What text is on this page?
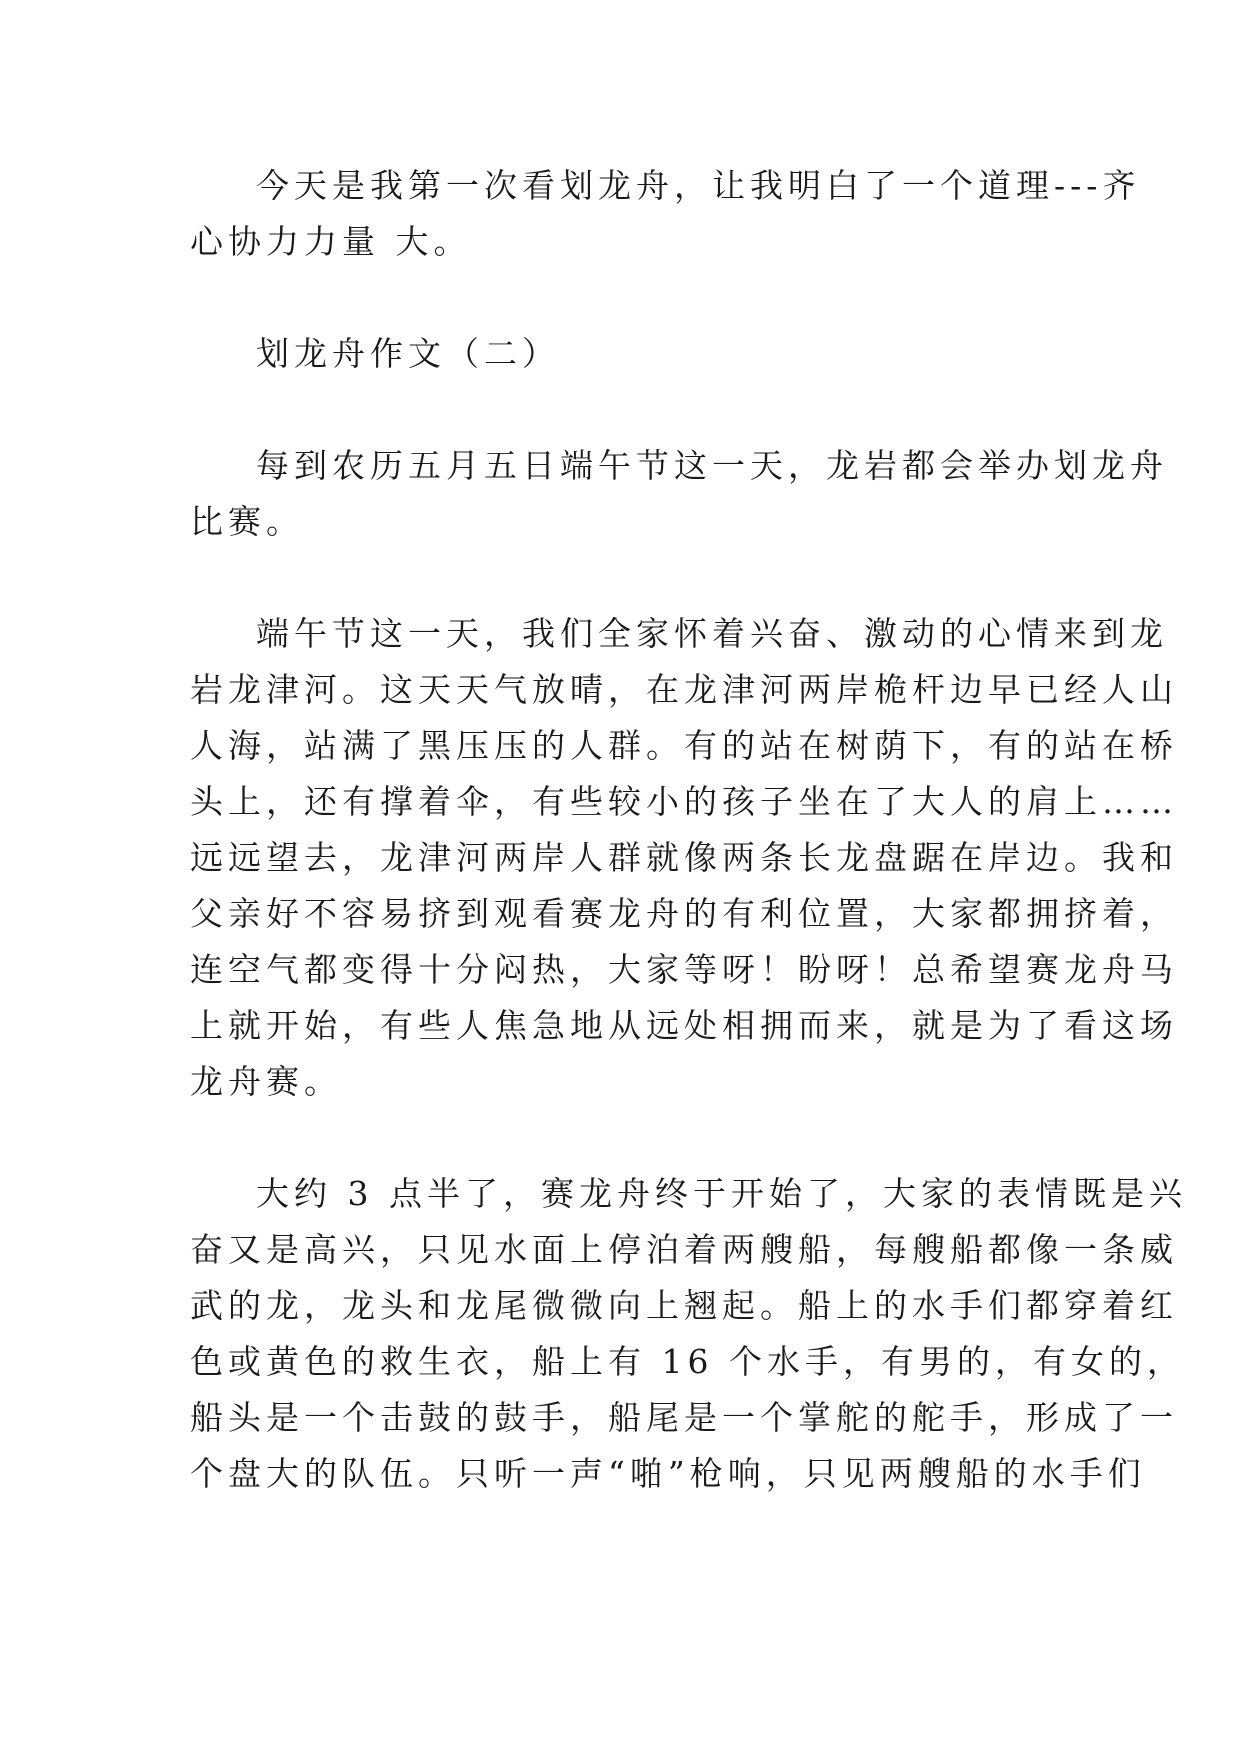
今天是我第一次看划龙舟，让我明白了一个道理---齐
心协力力量 大。

划龙舟作文（二）

每到农历五月五日端午节这一天，龙岩都会举办划龙舟
比赛。

端午节这一天，我们全家怀着兴奋、激动的心情来到龙
岩龙津河。这天天气放晴，在龙津河两岸桅杆边早已经人山
人海，站满了黑压压的人群。有的站在树荫下，有的站在桥
头上，还有撑着伞，有些较小的孩子坐在了大人的肩上……
远远望去，龙津河两岸人群就像两条长龙盘踞在岸边。我和
父亲好不容易挤到观看赛龙舟的有利位置，大家都拥挤着，
连空气都变得十分闷热，大家等呀！盼呀！总希望赛龙舟马
上就开始，有些人焦急地从远处相拥而来，就是为了看这场
龙舟赛。

大约 3 点半了，赛龙舟终于开始了，大家的表情既是兴
奋又是高兴，只见水面上停泊着两艘船，每艘船都像一条威
武的龙，龙头和龙尾微微向上翘起。船上的水手们都穿着红
色或黄色的救生衣，船上有 16 个水手，有男的，有女的，
船头是一个击鼓的鼓手，船尾是一个掌舵的舵手，形成了一
个盘大的队伍。只听一声“啪”枪响，只见两艘船的水手们
